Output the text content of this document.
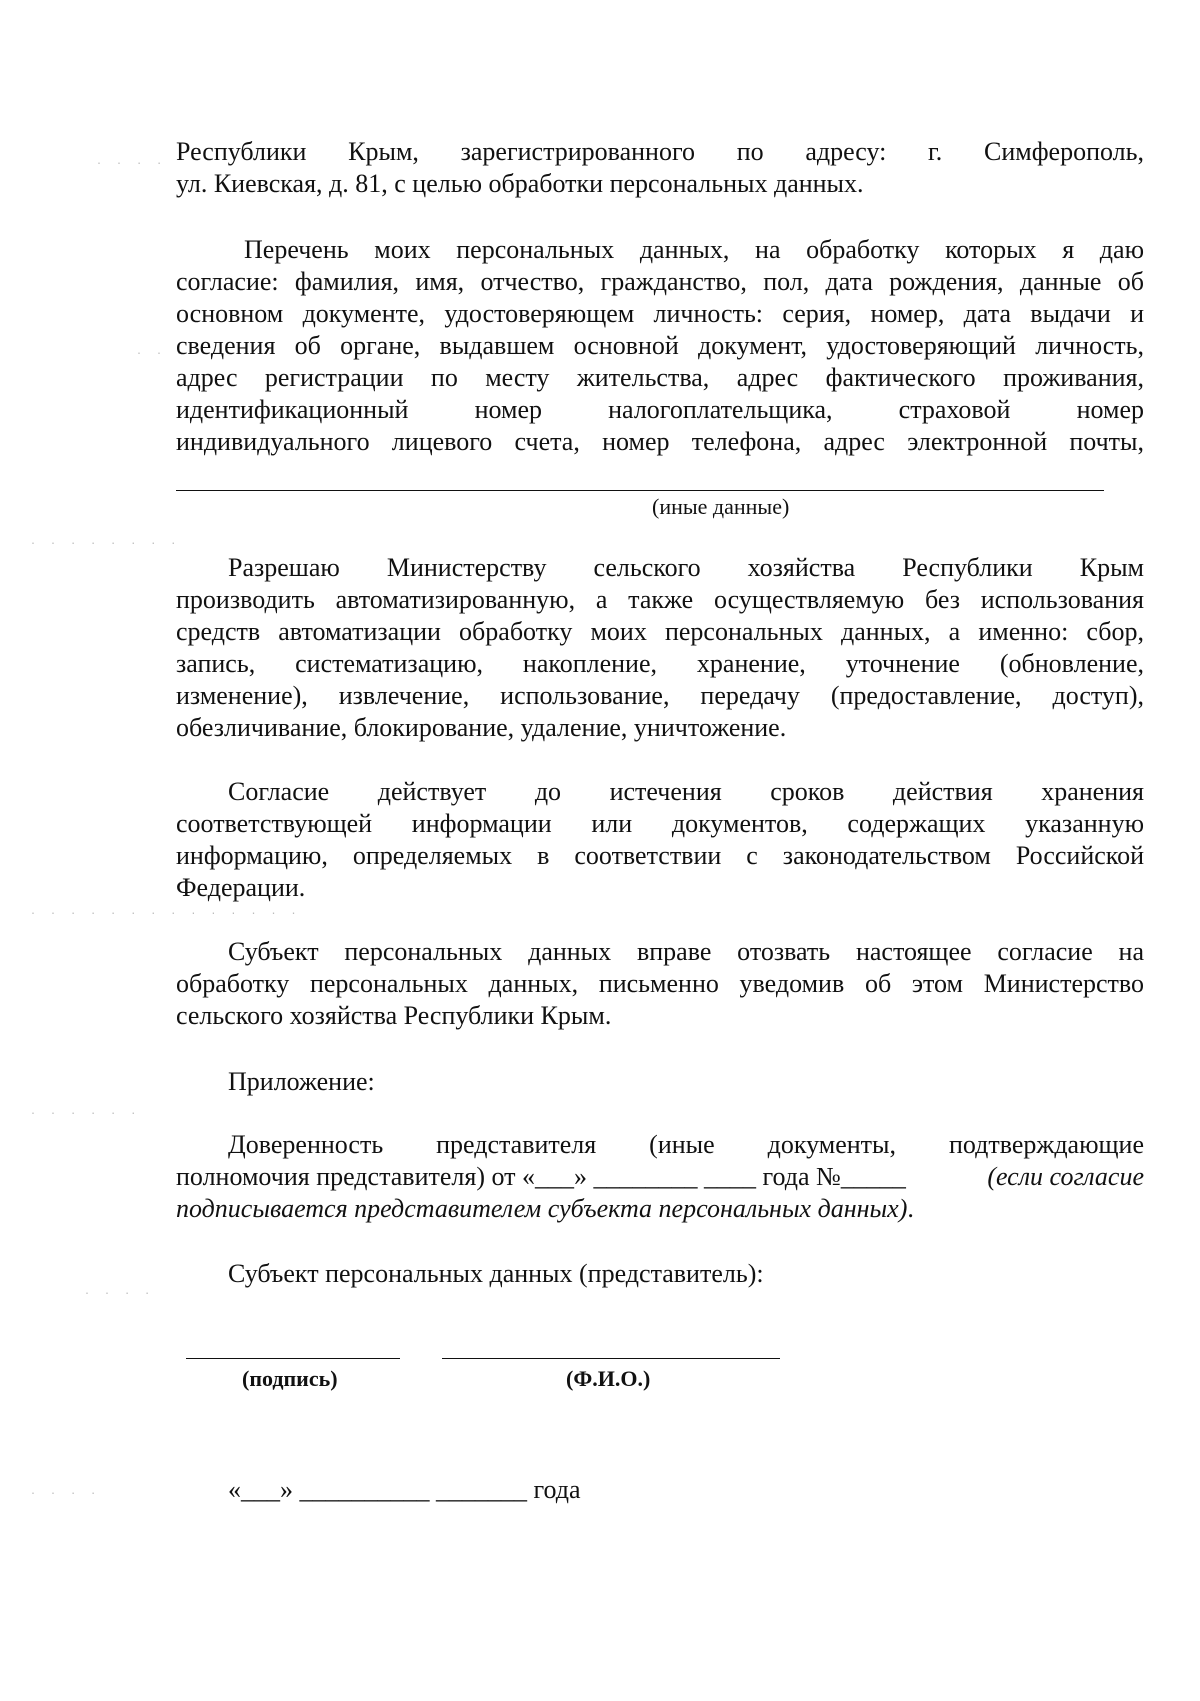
. . . .
. . .
. . . . . . . .
. . . . . . . . . . . . . .
. . . . . .
. . . .
. . . .
Республики Крым, зарегистрированного по адресу: г. Симферополь,
ул. Киевская, д. 81, с целью обработки персональных данных.
Перечень моих персональных данных, на обработку которых я даю
согласие: фамилия, имя, отчество, гражданство, пол, дата рождения, данные об
основном документе, удостоверяющем личность: серия, номер, дата выдачи и
сведения об органе, выдавшем основной документ, удостоверяющий личность,
адрес регистрации по месту жительства, адрес фактического проживания,
идентификационный номер налогоплательщика, страховой номер
индивидуального лицевого счета, номер телефона, адрес электронной почты,
(иные данные)
Разрешаю Министерству сельского хозяйства Республики Крым
производить автоматизированную, а также осуществляемую без использования
средств автоматизации обработку моих персональных данных, а именно: сбор,
запись, систематизацию, накопление, хранение, уточнение (обновление,
изменение), извлечение, использование, передачу (предоставление, доступ),
обезличивание, блокирование, удаление, уничтожение.
Согласие действует до истечения сроков действия хранения
соответствующей информации или документов, содержащих указанную
информацию, определяемых в соответствии с законодательством Российской
Федерации.
Субъект персональных данных вправе отозвать настоящее согласие на
обработку персональных данных, письменно уведомив об этом Министерство
сельского хозяйства Республики Крым.
Приложение:
Доверенность представителя (иные документы, подтверждающие
полномочия представителя) от «___» ________ ____ года №_____	(если согласие
подписывается представителем субъекта персональных данных).
Субъект персональных данных (представитель):
(подпись)	(Ф.И.О.)
«___» __________ _______ года
